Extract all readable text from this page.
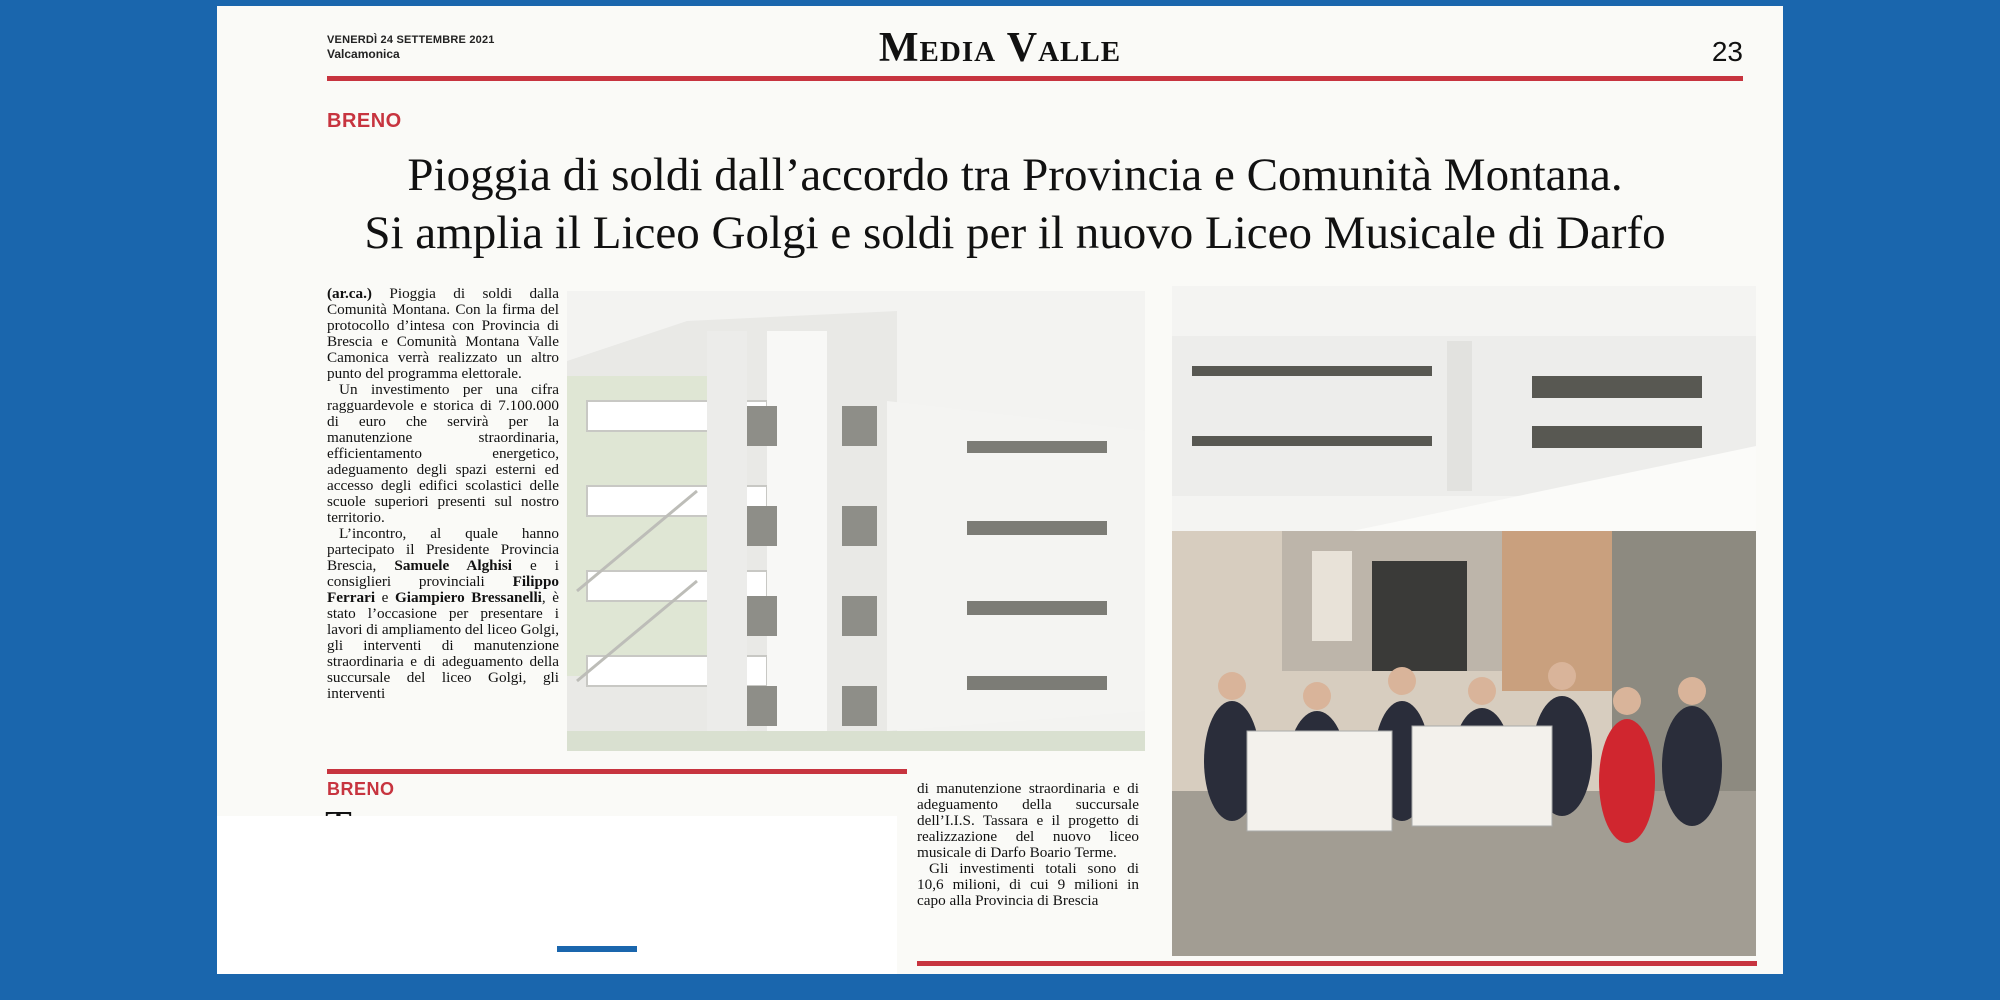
VENERDÌ 24 SETTEMBRE 2021
Valcamonica	Media Valle	23
BRENO
Pioggia di soldi dall’accordo tra Provincia e Comunità Montana.
Si amplia il Liceo Golgi e soldi per il nuovo Liceo Musicale di Darfo

(ar.ca.) Pioggia di soldi dalla Comunità Montana. Con la firma del protocollo d’intesa con Provincia di Brescia e Comunità Montana Valle Camonica verrà realizzato un altro punto del programma elettorale.

Un investimento per una cifra ragguardevole e storica di 7.100.000 di euro che servirà per la manutenzione straordinaria, efficientamento energetico, adeguamento degli spazi esterni ed accesso degli edifici scolastici delle scuole superiori presenti sul nostro territorio.

L’incontro, al quale hanno partecipato il Presidente Provincia Brescia, Samuele Alghisi e i consiglieri provinciali Filippo Ferrari e Giampiero Bressanelli, è stato l’occasione per presentare i lavori di ampliamento del liceo Golgi, gli interventi di manutenzione straordinaria e di adeguamento della succursale del liceo Golgi, gli interventi

BRENO	di manutenzione straordinaria e di adeguamento della succursale dell’I.I.S. Tassara e il progetto di realizzazione del nuovo liceo musicale di Darfo Boario Terme.

Gli investimenti totali sono di 10,6 milioni, di cui 9 milioni in capo alla Provincia di Brescia
